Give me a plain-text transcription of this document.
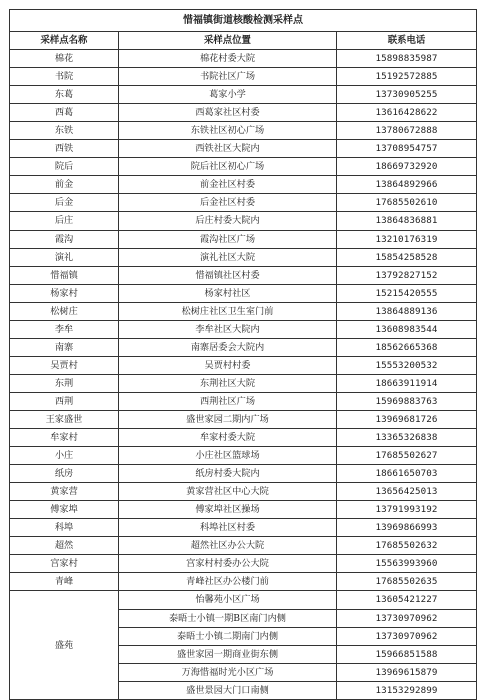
惜福镇街道核酸检测采样点		
采样点名称	采样点位置	联系电话
棉花	棉花村委大院	15898835987
书院	书院社区广场	15192572885
东葛	葛家小学	13730905255
西葛	西葛家社区村委	13616428622
东铁	东铁社区初心广场	13780672888
西铁	西铁社区大院内	13708954757
院后	院后社区初心广场	18669732920
前金	前金社区村委	13864892966
后金	后金社区村委	17685502610
后庄	后庄村委大院内	13864836881
霞沟	霞沟社区广场	13210176319
演礼	演礼社区大院	15854258528
惜福镇	惜福镇社区村委	13792827152
杨家村	杨家村社区	15215420555
松树庄	松树庄社区卫生室门前	13864889136
李牟	李牟社区大院内	13608983544
南寨	南寨居委会大院内	18562665368
吴贾村	吴贾村村委	15553200532
东荆	东荆社区大院	18663911914
西荆	西荆社区广场	15969883763
王家盛世	盛世家园二期内广场	13969681726
牟家村	牟家村委大院	13365326838
小庄	小庄社区篮球场	17685502627
纸房	纸房村委大院内	18661650703
黄家营	黄家营社区中心大院	13656425013
傅家埠	傅家埠社区操场	13791993192
科埠	科埠社区村委	13969866993
超然	超然社区办公大院	17685502632
宫家村	宫家村村委办公大院	15563993960
青峰	青峰社区办公楼门前	17685502635
盛苑	怡馨苑小区广场	13605421227
	泰晤士小镇一期B区南门内侧	13730970962
	泰晤士小镇二期南门内侧	13730970962
	盛世家园一期商业街东侧	15966851588
	万海惜福时光小区广场	13969615879
	盛世景园大门口南侧	13153292899
